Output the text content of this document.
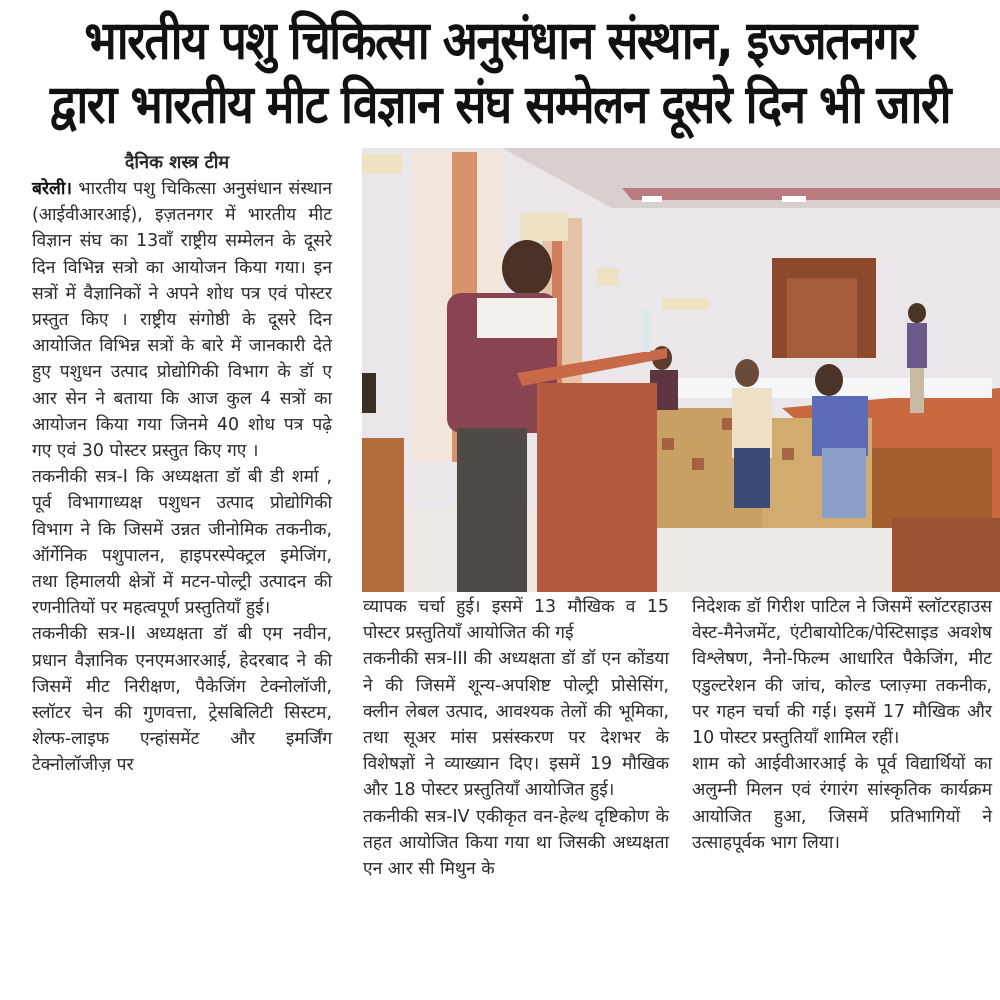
भारतीय पशु चिकित्सा अनुसंधान संस्थान, इज्जतनगर
द्वारा भारतीय मीट विज्ञान संघ सम्मेलन दूसरे दिन भी जारी
दैनिक शस्त्र टीम

बरेली। भारतीय पशु चिकित्सा अनुसंधान संस्थान (आईवीआरआई), इज़तनगर में भारतीय मीट विज्ञान संघ का 13वाँ राष्ट्रीय सम्मेलन के दूसरे दिन विभिन्न सत्रो का आयोजन किया गया। इन सत्रों में वैज्ञानिकों ने अपने शोध पत्र एवं पोस्टर प्रस्तुत किए । राष्ट्रीय संगोष्ठी के दूसरे दिन आयोजित विभिन्न सत्रों के बारे में जानकारी देते हुए पशुधन उत्पाद प्रोद्योगिकी विभाग के डॉ ए आर सेन ने बताया कि आज कुल 4 सत्रों का आयोजन किया गया जिनमे 40 शोध पत्र पढ़े गए एवं 30 पोस्टर प्रस्तुत किए गए ।

तकनीकी सत्र-I कि अध्यक्षता डॉ बी डी शर्मा , पूर्व विभागाध्यक्ष पशुधन उत्पाद प्रोद्योगिकी विभाग ने कि जिसमें उन्नत जीनोमिक तकनीक, ऑर्गेनिक पशुपालन, हाइपरस्पेक्ट्रल इमेजिंग, तथा हिमालयी क्षेत्रों में मटन-पोल्ट्री उत्पादन की रणनीतियों पर महत्वपूर्ण प्रस्तुतियाँ हुई।

तकनीकी सत्र-II अध्यक्षता डॉ बी एम नवीन, प्रधान वैज्ञानिक एनएमआरआई, हेदरबाद ने की जिसमें मीट निरीक्षण, पैकेजिंग टेक्नोलॉजी, स्लॉटर चेन की गुणवत्ता, ट्रेसबिलिटी सिस्टम, शेल्फ-लाइफ एन्हांसमेंट और इमर्जिंग टेक्नोलॉजीज़ पर

व्यापक चर्चा हुई। इसमें 13 मौखिक व 15 पोस्टर प्रस्तुतियाँ आयोजित की गई

तकनीकी सत्र-III की अध्यक्षता डॉ डॉ एन कोंडया ने की जिसमें शून्य-अपशिष्ट पोल्ट्री प्रोसेसिंग, क्लीन लेबल उत्पाद, आवश्यक तेलों की भूमिका, तथा सूअर मांस प्रसंस्करण पर देशभर के विशेषज्ञों ने व्याख्यान दिए। इसमें 19 मौखिक और 18 पोस्टर प्रस्तुतियाँ आयोजित हुई।

तकनीकी सत्र-IV एकीकृत वन-हेल्थ दृष्टिकोण के तहत आयोजित किया गया था जिसकी अध्यक्षता एन आर सी मिथुन के

निदेशक डॉ गिरीश पाटिल ने जिसमें स्लॉटरहाउस वेस्ट-मैनेजमेंट, एंटीबायोटिक/पेस्टिसाइड अवशेष विश्लेषण, नैनो-फिल्म आधारित पैकेजिंग, मीट एडुल्टरेशन की जांच, कोल्ड प्लाज़्मा तकनीक, पर गहन चर्चा की गई। इसमें 17 मौखिक और 10 पोस्टर प्रस्तुतियाँ शामिल रहीं।

शाम को आईवीआरआई के पूर्व विद्यार्थियों का अलुम्नी मिलन एवं रंगारंग सांस्कृतिक कार्यक्रम आयोजित हुआ, जिसमें प्रतिभागियों ने उत्साहपूर्वक भाग लिया।
